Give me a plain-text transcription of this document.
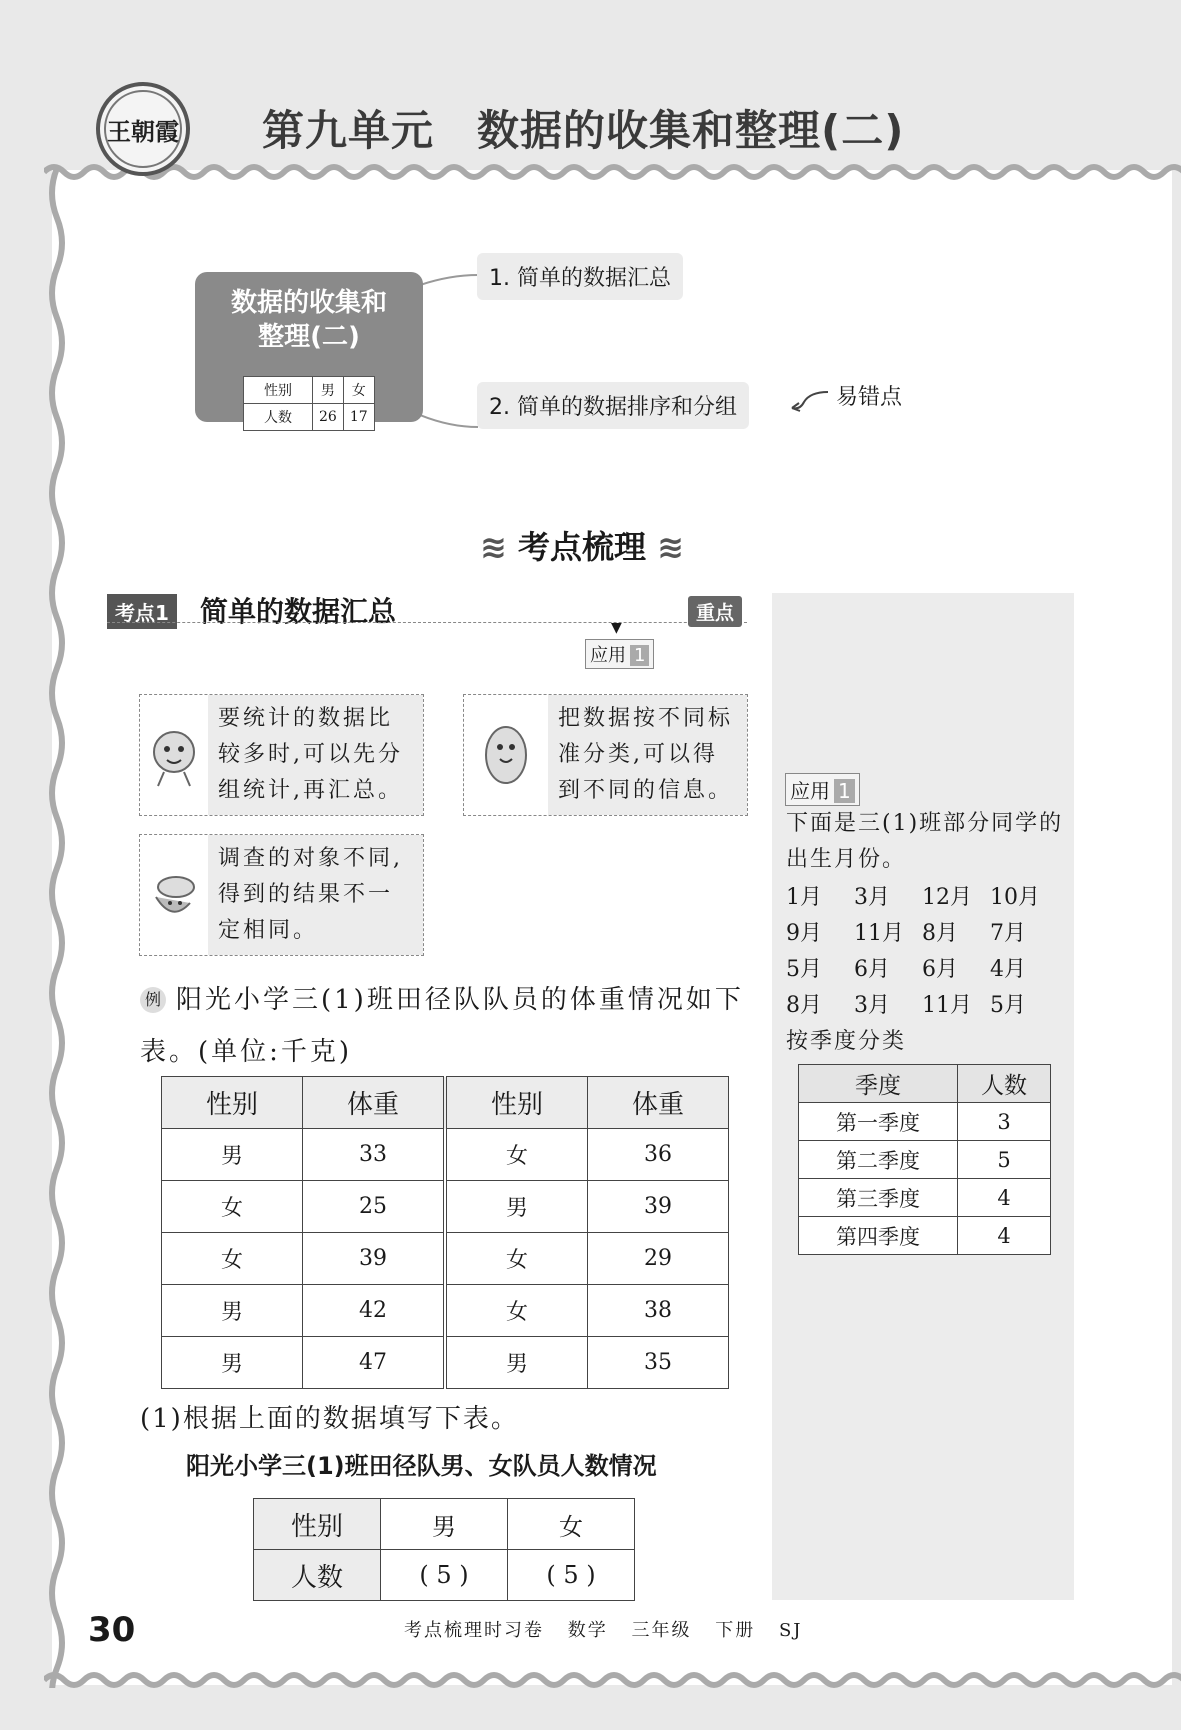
王朝霞 第九单元　数据的收集和整理(二)
数据的收集和
整理(二)
性别	男	女
人数	26	17
1. 简单的数据汇总
2. 简单的数据排序和分组	易错点
≋ 考点梳理 ≋
考点1 简单的数据汇总	重点
▼
应用 1
要统计的数据比较多时,可以先分组统计,再汇总。
把数据按不同标准分类,可以得到不同的信息。
调查的对象不同,得到的结果不一定相同。
例 阳光小学三(1)班田径队队员的体重情况如下表。(单位:千克)
性别	体重	性别	体重
男	33	女	36
女	25	男	39
女	39	女	29
男	42	女	38
男	47	男	35
(1)根据上面的数据填写下表。
阳光小学三(1)班田径队男、女队员人数情况
性别	男	女
人数	( 5 )	( 5 )
应用 1
下面是三(1)班部分同学的出生月份。
1月 3月 12月 10月
9月 11月 8月 7月
5月 6月 6月 4月
8月 3月 11月 5月
按季度分类
季度	人数
第一季度	3
第二季度	5
第三季度	4
第四季度	4
30	考点梳理时习卷 数学 三年级 下册 SJ
